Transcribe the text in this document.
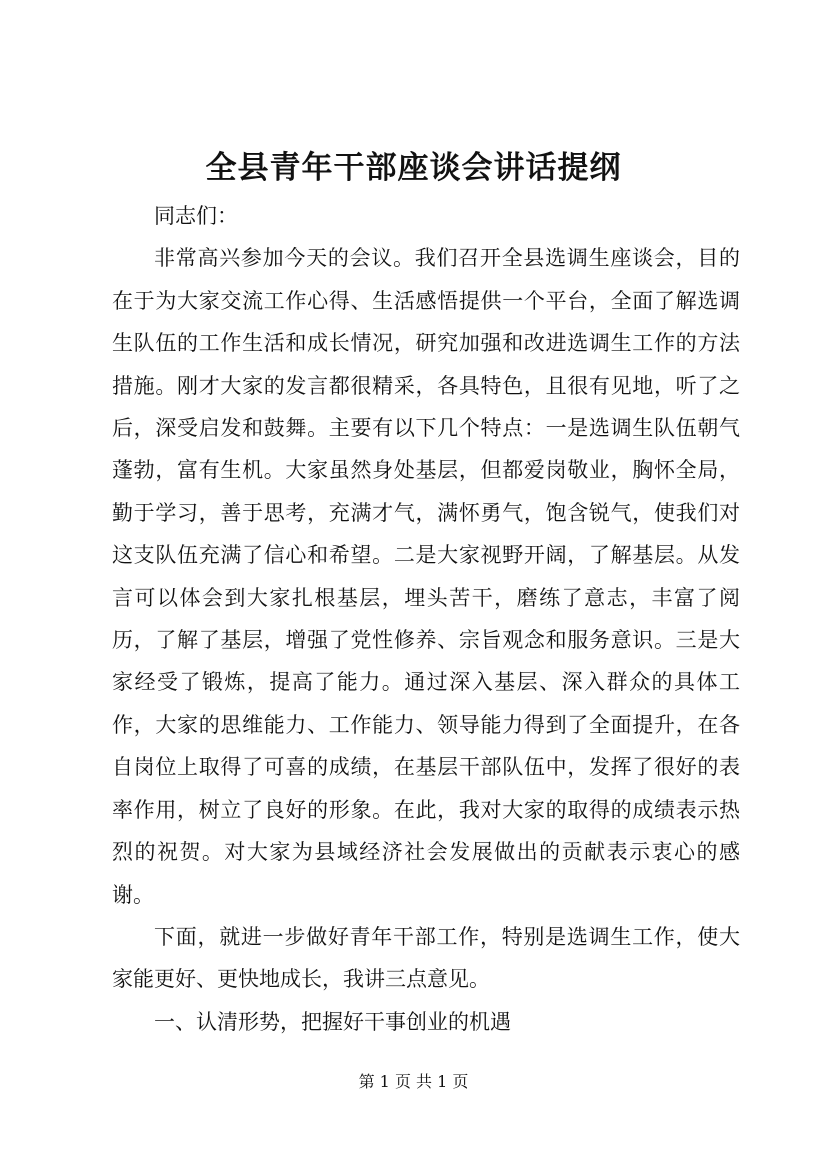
全县青年干部座谈会讲话提纲

同志们：

非常高兴参加今天的会议。我们召开全县选调生座谈会，目的在于为大家交流工作心得、生活感悟提供一个平台，全面了解选调生队伍的工作生活和成长情况，研究加强和改进选调生工作的方法措施。刚才大家的发言都很精采，各具特色，且很有见地，听了之后，深受启发和鼓舞。主要有以下几个特点：一是选调生队伍朝气蓬勃，富有生机。大家虽然身处基层，但都爱岗敬业，胸怀全局，勤于学习，善于思考，充满才气，满怀勇气，饱含锐气，使我们对这支队伍充满了信心和希望。二是大家视野开阔，了解基层。从发言可以体会到大家扎根基层，埋头苦干，磨练了意志，丰富了阅历，了解了基层，增强了党性修养、宗旨观念和服务意识。三是大家经受了锻炼，提高了能力。通过深入基层、深入群众的具体工作，大家的思维能力、工作能力、领导能力得到了全面提升，在各自岗位上取得了可喜的成绩，在基层干部队伍中，发挥了很好的表率作用，树立了良好的形象。在此，我对大家的取得的成绩表示热烈的祝贺。对大家为县域经济社会发展做出的贡献表示衷心的感谢。

下面，就进一步做好青年干部工作，特别是选调生工作，使大家能更好、更快地成长，我讲三点意见。

一、认清形势，把握好干事创业的机遇

第 1 页 共 1 页
